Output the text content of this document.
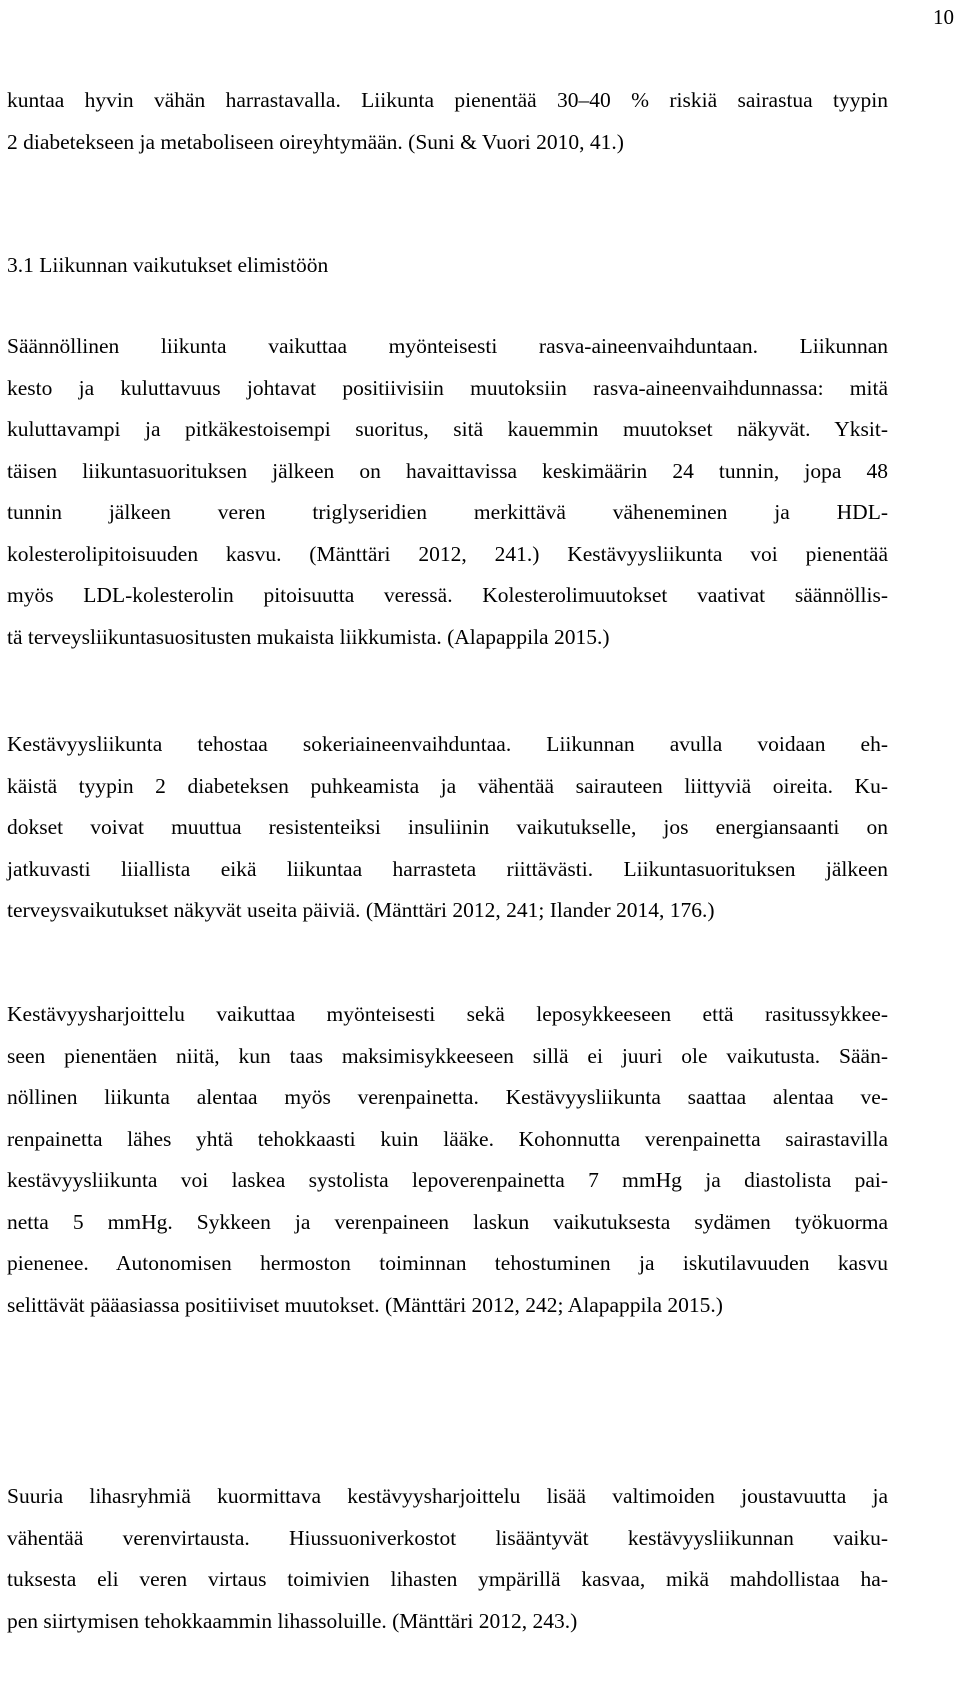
10
kuntaa hyvin vähän harrastavalla. Liikunta pienentää 30–40 % riskiä sairastua tyypin
2 diabetekseen ja metaboliseen oireyhtymään. (Suni & Vuori 2010, 41.)
3.1 Liikunnan vaikutukset elimistöön
Säännöllinen liikunta vaikuttaa myönteisesti rasva-aineenvaihduntaan. Liikunnan
kesto ja kuluttavuus johtavat positiivisiin muutoksiin rasva-aineenvaihdunnassa: mitä
kuluttavampi ja pitkäkestoisempi suoritus, sitä kauemmin muutokset näkyvät. Yksit-
täisen liikuntasuorituksen jälkeen on havaittavissa keskimäärin 24 tunnin, jopa 48
tunnin jälkeen veren triglyseridien merkittävä väheneminen ja HDL-
kolesterolipitoisuuden kasvu. (Mänttäri 2012, 241.) Kestävyysliikunta voi pienentää
myös LDL-kolesterolin pitoisuutta veressä. Kolesterolimuutokset vaativat säännöllis-
tä terveysliikuntasuositusten mukaista liikkumista. (Alapappila 2015.)
Kestävyysliikunta tehostaa sokeriaineenvaihduntaa. Liikunnan avulla voidaan eh-
käistä tyypin 2 diabeteksen puhkeamista ja vähentää sairauteen liittyviä oireita. Ku-
dokset voivat muuttua resistenteiksi insuliinin vaikutukselle, jos energiansaanti on
jatkuvasti liiallista eikä liikuntaa harrasteta riittävästi. Liikuntasuorituksen jälkeen
terveysvaikutukset näkyvät useita päiviä. (Mänttäri 2012, 241; Ilander 2014, 176.)
Kestävyysharjoittelu vaikuttaa myönteisesti sekä leposykkeeseen että rasitussykkee-
seen pienentäen niitä, kun taas maksimisykkeeseen sillä ei juuri ole vaikutusta. Sään-
nöllinen liikunta alentaa myös verenpainetta. Kestävyysliikunta saattaa alentaa ve-
renpainetta lähes yhtä tehokkaasti kuin lääke. Kohonnutta verenpainetta sairastavilla
kestävyysliikunta voi laskea systolista lepoverenpainetta 7 mmHg ja diastolista pai-
netta 5 mmHg. Sykkeen ja verenpaineen laskun vaikutuksesta sydämen työkuorma
pienenee. Autonomisen hermoston toiminnan tehostuminen ja iskutilavuuden kasvu
selittävät pääasiassa positiiviset muutokset. (Mänttäri 2012, 242; Alapappila 2015.)
Suuria lihasryhmiä kuormittava kestävyysharjoittelu lisää valtimoiden joustavuutta ja
vähentää verenvirtausta. Hiussuoniverkostot lisääntyvät kestävyysliikunnan vaiku-
tuksesta eli veren virtaus toimivien lihasten ympärillä kasvaa, mikä mahdollistaa ha-
pen siirtymisen tehokkaammin lihassoluille. (Mänttäri 2012, 243.)
